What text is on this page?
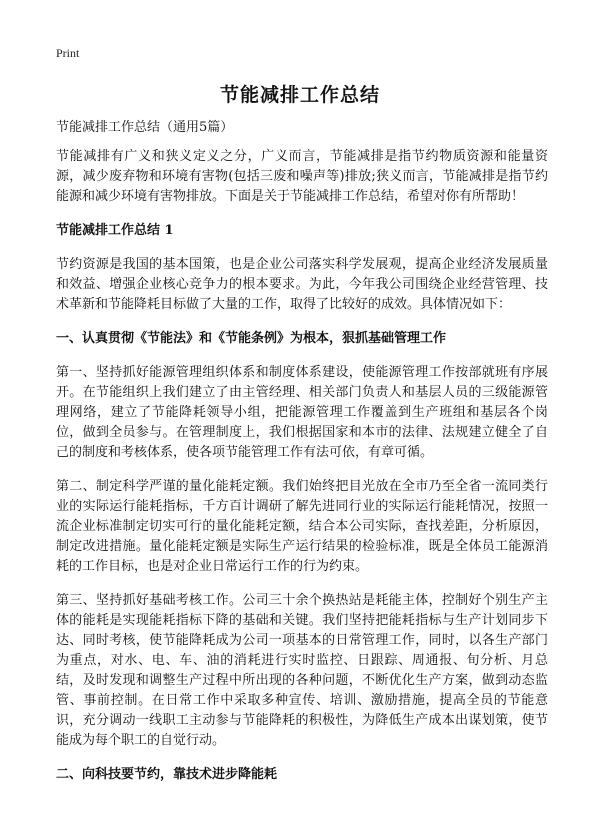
Print
节能减排工作总结
节能减排工作总结（通用5篇）

节能减排有广义和狭义定义之分，广义而言，节能减排是指节约物质资源和能量资源，减少废弃物和环境有害物(包括三废和噪声等)排放;狭义而言，节能减排是指节约能源和减少环境有害物排放。下面是关于节能减排工作总结，希望对你有所帮助！

节能减排工作总结 1

节约资源是我国的基本国策，也是企业公司落实科学发展观，提高企业经济发展质量和效益、增强企业核心竞争力的根本要求。为此，今年我公司围绕企业经营管理、技术革新和节能降耗目标做了大量的工作，取得了比较好的成效。具体情况如下：

一、认真贯彻《节能法》和《节能条例》为根本，狠抓基础管理工作

第一、坚持抓好能源管理组织体系和制度体系建设，使能源管理工作按部就班有序展开。在节能组织上我们建立了由主管经理、相关部门负责人和基层人员的三级能源管理网络，建立了节能降耗领导小组，把能源管理工作覆盖到生产班组和基层各个岗位，做到全员参与。在管理制度上，我们根据国家和本市的法律、法规建立健全了自己的制度和考核体系，使各项节能管理工作有法可依，有章可循。

第二、制定科学严谨的量化能耗定额。我们始终把目光放在全市乃至全省一流同类行业的实际运行能耗指标，千方百计调研了解先进同行业的实际运行能耗情况，按照一流企业标准制定切实可行的量化能耗定额，结合本公司实际，查找差距，分析原因，制定改进措施。量化能耗定额是实际生产运行结果的检验标准，既是全体员工能源消耗的工作目标，也是对企业日常运行工作的行为约束。

第三、坚持抓好基础考核工作。公司三十余个换热站是耗能主体，控制好个别生产主体的能耗是实现能耗指标下降的基础和关键。我们坚持把能耗指标与生产计划同步下达、同时考核，使节能降耗成为公司一项基本的日常管理工作，同时，以各生产部门为重点，对水、电、车、油的消耗进行实时监控、日跟踪、周通报、旬分析、月总结，及时发现和调整生产过程中所出现的各种问题，不断优化生产方案，做到动态监管、事前控制。在日常工作中采取多种宣传、培训、激励措施，提高全员的节能意识，充分调动一线职工主动参与节能降耗的积极性，为降低生产成本出谋划策，使节能成为每个职工的自觉行动。

二、向科技要节约，靠技术进步降能耗
